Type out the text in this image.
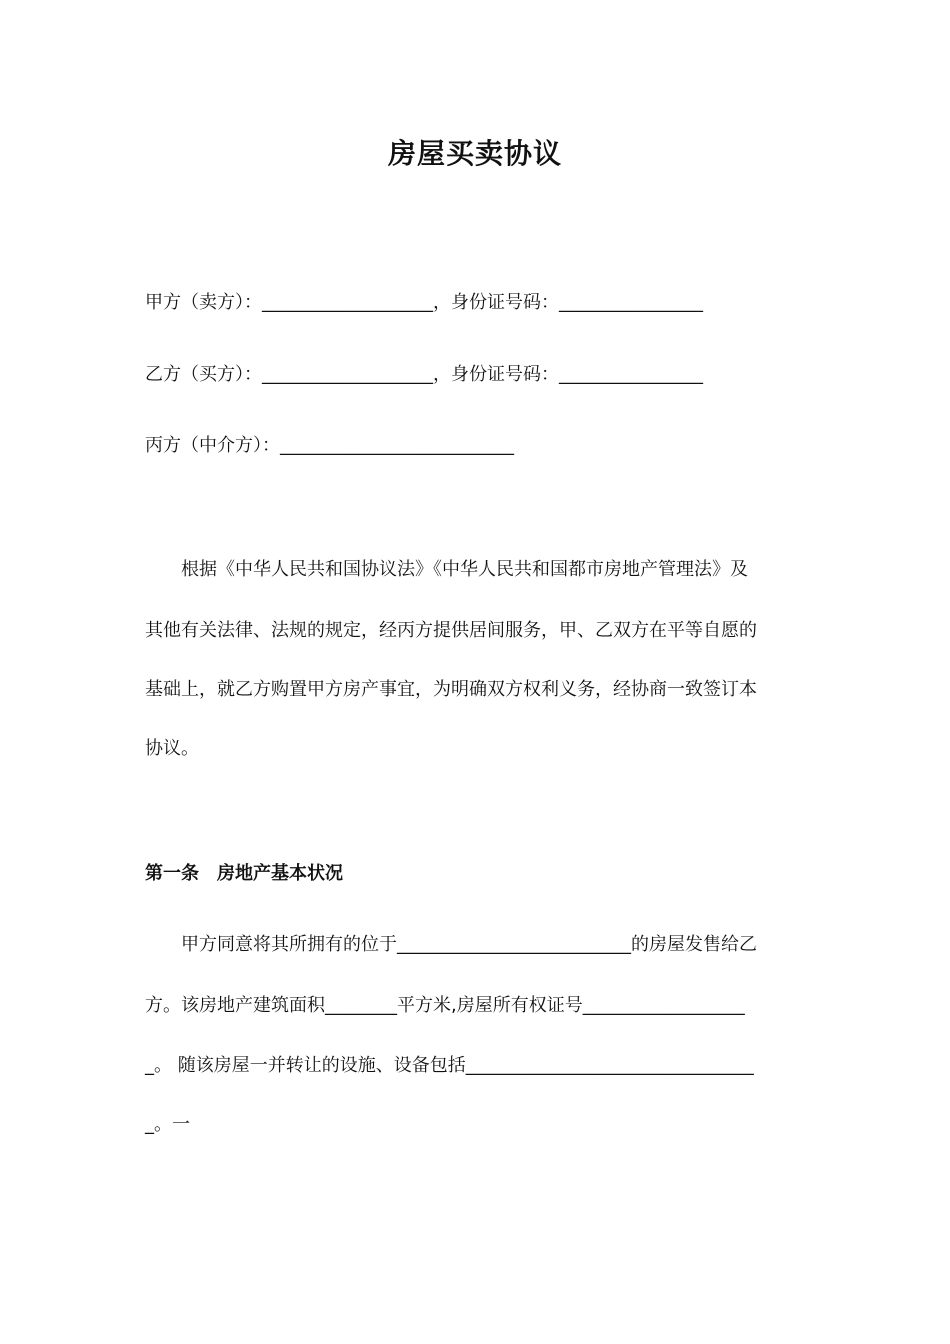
房屋买卖协议
甲方（卖方）：___________________，身份证号码：________________
乙方（买方）：___________________，身份证号码：________________
丙方（中介方）：__________________________
根据《中华人民共和国协议法》《中华人民共和国都市房地产管理法》及
其他有关法律、法规的规定，经丙方提供居间服务，甲、乙双方在平等自愿的
基础上，就乙方购置甲方房产事宜，为明确双方权利义务，经协商一致签订本
协议。
第一条　房地产基本状况
甲方同意将其所拥有的位于__________________________的房屋发售给乙
方。该房地产建筑面积________平方米,房屋所有权证号__________________
_。 随该房屋一并转让的设施、设备包括________________________________
_。一
